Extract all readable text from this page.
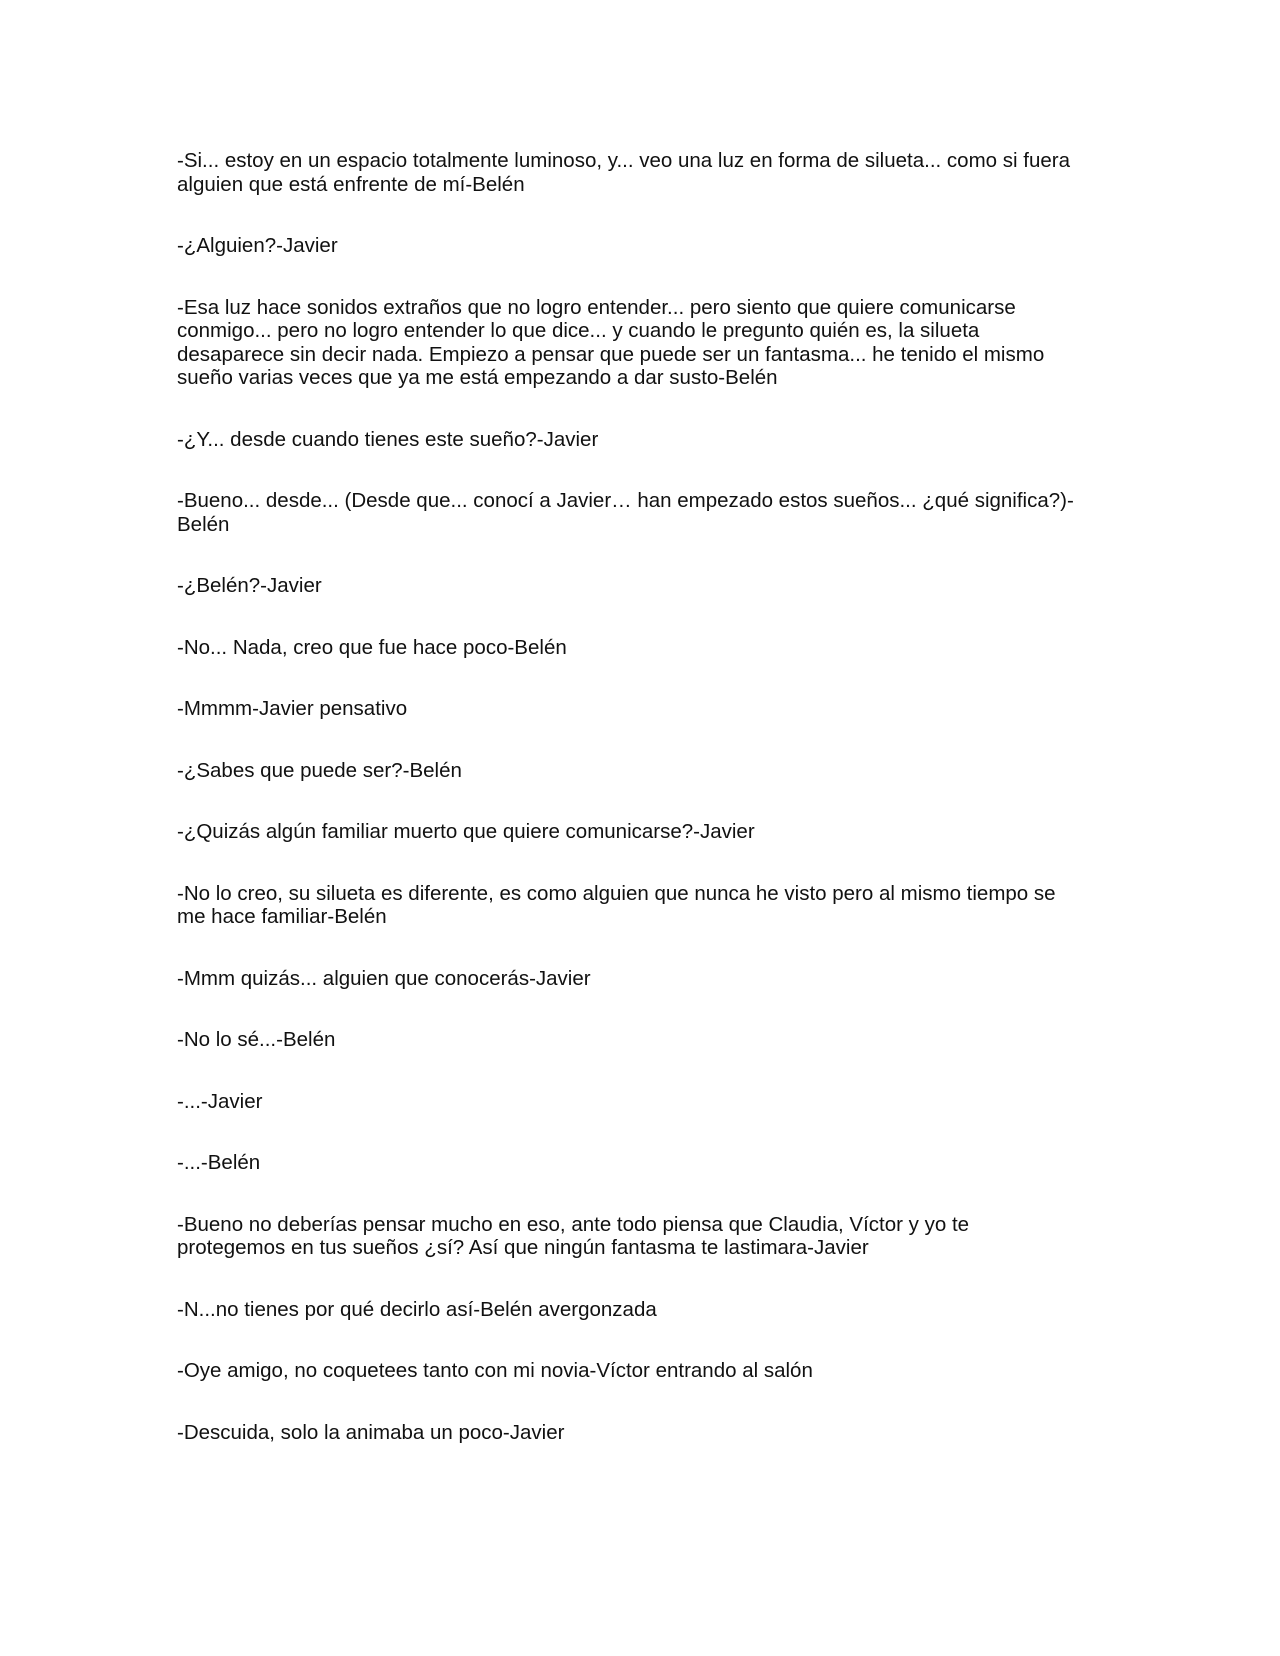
-Si... estoy en un espacio totalmente luminoso, y... veo una luz en forma de silueta... como si fuera
alguien que está enfrente de mí-Belén

-¿Alguien?-Javier

-Esa luz hace sonidos extraños que no logro entender... pero siento que quiere comunicarse
conmigo... pero no logro entender lo que dice... y cuando le pregunto quién es, la silueta
desaparece sin decir nada. Empiezo a pensar que puede ser un fantasma... he tenido el mismo
sueño varias veces que ya me está empezando a dar susto-Belén

-¿Y... desde cuando tienes este sueño?-Javier

-Bueno... desde... (Desde que... conocí a Javier… han empezado estos sueños... ¿qué significa?)-
Belén

-¿Belén?-Javier

-No... Nada, creo que fue hace poco-Belén

-Mmmm-Javier pensativo

-¿Sabes que puede ser?-Belén

-¿Quizás algún familiar muerto que quiere comunicarse?-Javier

-No lo creo, su silueta es diferente, es como alguien que nunca he visto pero al mismo tiempo se
me hace familiar-Belén

-Mmm quizás... alguien que conocerás-Javier

-No lo sé...-Belén

-...-Javier

-...-Belén

-Bueno no deberías pensar mucho en eso, ante todo piensa que Claudia, Víctor y yo te
protegemos en tus sueños ¿sí? Así que ningún fantasma te lastimara-Javier

-N...no tienes por qué decirlo así-Belén avergonzada

-Oye amigo, no coquetees tanto con mi novia-Víctor entrando al salón

-Descuida, solo la animaba un poco-Javier
